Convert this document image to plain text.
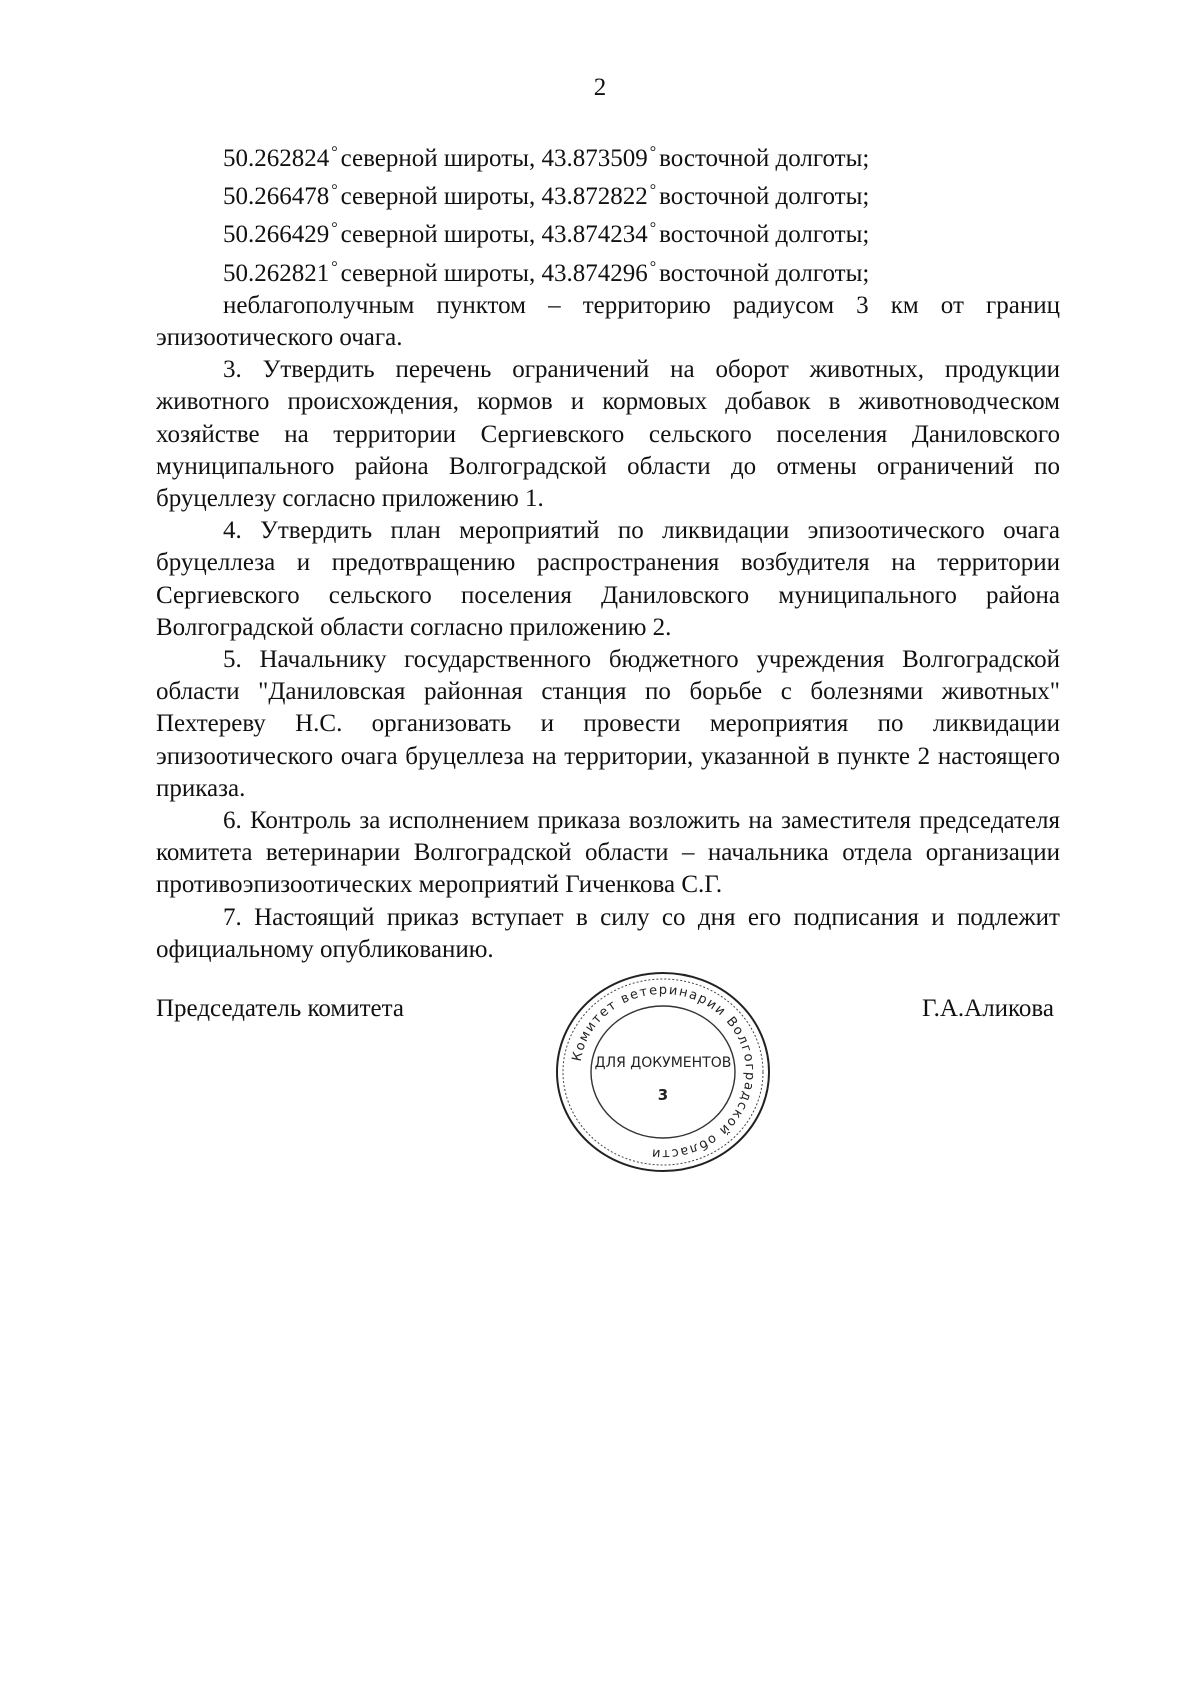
2
50.262824 ° северной широты, 43.873509 ° восточной долготы;
50.266478 ° северной широты, 43.872822 ° восточной долготы;
50.266429 ° северной широты, 43.874234 ° восточной долготы;
50.262821 ° северной широты, 43.874296 ° восточной долготы;
неблагополучным пунктом – территорию радиусом 3 км от границ эпизоотического очага.
3. Утвердить перечень ограничений на оборот животных, продукции животного происхождения, кормов и кормовых добавок в животноводческом хозяйстве на территории Сергиевского сельского поселения Даниловского муниципального района Волгоградской области до отмены ограничений по бруцеллезу согласно приложению 1.
4. Утвердить план мероприятий по ликвидации эпизоотического очага бруцеллеза и предотвращению распространения возбудителя на территории Сергиевского сельского поселения Даниловского муниципального района Волгоградской области согласно приложению 2.
5. Начальнику государственного бюджетного учреждения Волгоградской области "Даниловская районная станция по борьбе с болезнями животных" Пехтереву Н.С. организовать и провести мероприятия по ликвидации эпизоотического очага бруцеллеза на территории, указанной в пункте 2 настоящего приказа.
6. Контроль за исполнением приказа возложить на заместителя председателя комитета ветеринарии Волгоградской области – начальника отдела организации противоэпизоотических мероприятий Гиченкова С.Г.
7. Настоящий приказ вступает в силу со дня его подписания и подлежит официальному опубликованию.
Председатель комитета	Г.А.Аликова
Комитет ветеринарии Волгоградской области
ДЛЯ ДОКУМЕНТОВ
3
